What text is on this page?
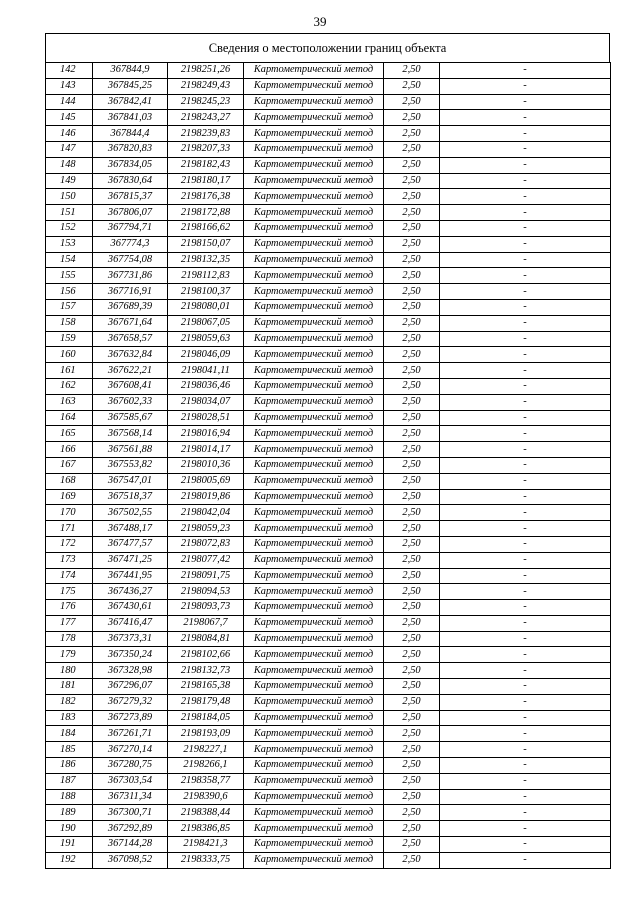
39
Сведения о местоположении границ объекта
142	367844,9	2198251,26	Картометрический метод	2,50	-
143	367845,25	2198249,43	Картометрический метод	2,50	-
144	367842,41	2198245,23	Картометрический метод	2,50	-
145	367841,03	2198243,27	Картометрический метод	2,50	-
146	367844,4	2198239,83	Картометрический метод	2,50	-
147	367820,83	2198207,33	Картометрический метод	2,50	-
148	367834,05	2198182,43	Картометрический метод	2,50	-
149	367830,64	2198180,17	Картометрический метод	2,50	-
150	367815,37	2198176,38	Картометрический метод	2,50	-
151	367806,07	2198172,88	Картометрический метод	2,50	-
152	367794,71	2198166,62	Картометрический метод	2,50	-
153	367774,3	2198150,07	Картометрический метод	2,50	-
154	367754,08	2198132,35	Картометрический метод	2,50	-
155	367731,86	2198112,83	Картометрический метод	2,50	-
156	367716,91	2198100,37	Картометрический метод	2,50	-
157	367689,39	2198080,01	Картометрический метод	2,50	-
158	367671,64	2198067,05	Картометрический метод	2,50	-
159	367658,57	2198059,63	Картометрический метод	2,50	-
160	367632,84	2198046,09	Картометрический метод	2,50	-
161	367622,21	2198041,11	Картометрический метод	2,50	-
162	367608,41	2198036,46	Картометрический метод	2,50	-
163	367602,33	2198034,07	Картометрический метод	2,50	-
164	367585,67	2198028,51	Картометрический метод	2,50	-
165	367568,14	2198016,94	Картометрический метод	2,50	-
166	367561,88	2198014,17	Картометрический метод	2,50	-
167	367553,82	2198010,36	Картометрический метод	2,50	-
168	367547,01	2198005,69	Картометрический метод	2,50	-
169	367518,37	2198019,86	Картометрический метод	2,50	-
170	367502,55	2198042,04	Картометрический метод	2,50	-
171	367488,17	2198059,23	Картометрический метод	2,50	-
172	367477,57	2198072,83	Картометрический метод	2,50	-
173	367471,25	2198077,42	Картометрический метод	2,50	-
174	367441,95	2198091,75	Картометрический метод	2,50	-
175	367436,27	2198094,53	Картометрический метод	2,50	-
176	367430,61	2198093,73	Картометрический метод	2,50	-
177	367416,47	2198067,7	Картометрический метод	2,50	-
178	367373,31	2198084,81	Картометрический метод	2,50	-
179	367350,24	2198102,66	Картометрический метод	2,50	-
180	367328,98	2198132,73	Картометрический метод	2,50	-
181	367296,07	2198165,38	Картометрический метод	2,50	-
182	367279,32	2198179,48	Картометрический метод	2,50	-
183	367273,89	2198184,05	Картометрический метод	2,50	-
184	367261,71	2198193,09	Картометрический метод	2,50	-
185	367270,14	2198227,1	Картометрический метод	2,50	-
186	367280,75	2198266,1	Картометрический метод	2,50	-
187	367303,54	2198358,77	Картометрический метод	2,50	-
188	367311,34	2198390,6	Картометрический метод	2,50	-
189	367300,71	2198388,44	Картометрический метод	2,50	-
190	367292,89	2198386,85	Картометрический метод	2,50	-
191	367144,28	2198421,3	Картометрический метод	2,50	-
192	367098,52	2198333,75	Картометрический метод	2,50	-
